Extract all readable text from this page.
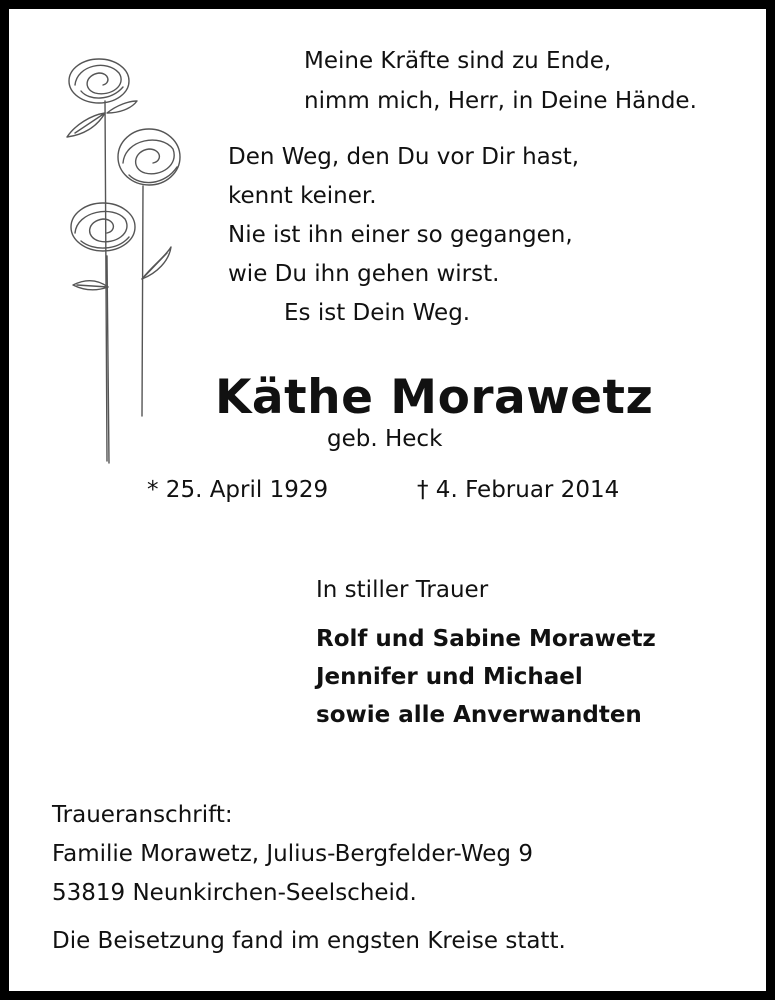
Meine Kräfte sind zu Ende,
nimm mich, Herr, in Deine Hände.
Den Weg, den Du vor Dir hast,
kennt keiner.
Nie ist ihn einer so gegangen,
wie Du ihn gehen wirst.
Es ist Dein Weg.
Käthe Morawetz
geb. Heck
* 25. April 1929	† 4. Februar 2014
In stiller Trauer
Rolf und Sabine Morawetz
Jennifer und Michael
sowie alle Anverwandten
Traueranschrift:
Familie Morawetz, Julius-Bergfelder-Weg 9
53819 Neunkirchen-Seelscheid.
Die Beisetzung fand im engsten Kreise statt.
